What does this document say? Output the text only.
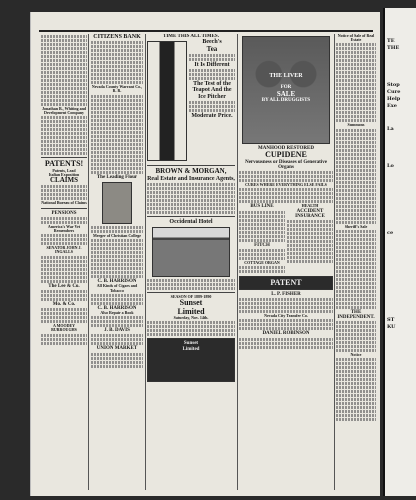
Jonathan B., Whiting and
Development Company
PATENTS!
Patents, Lead
Italian Exposition
CLAIMS
National Bureau of Claims
PENSIONS
America's War Vet Remembers
SENATOR JOHN J. INGALLS
The Lee & Co.
Mo. & Co.
A MOODEY BURROUGHS
CITIZENS BANK
Nevada County Warrant Co., R. R.
The Leading Flour
Merger of Christian College
C. B. HARRISON
All Kinds of Cigars and Tobacco
C. B. HARRISON
Also Repair a Book
J. B. DAVIS
UNION MARKET
TIME THIS ALL TIMES.
Beech's
Tea
It Is Different
The Test of the
Teapot And the
Ice Pitcher
Moderate Price.
BROWN & MORGAN,
Real Estate and Insurance Agents,
Occidental Hotel
SEASON OF 1889-1890
Sunset
Limited
Saturday, Nov. 14th.
Sunset
Limited
THE LIVER
FOR
SALE
BY ALL DRUGGISTS
MANHOOD RESTORED
CUPIDENE
Nervousness or Diseases of Generative Organs
CURES WHERE EVERYTHING ELSE FAILS
BUS LINE
FITCH
COTTAGE ORGAN
HEALTH
ACCIDENT INSURANCE
PATENT
L. P. FISHER
Nevada City Transfer Co.
DANIEL ROBINSON
Notice of Sale of Real Estate
Summons
Sheriff's Sale
THE INDEPENDENT.
Notice
TE
THE
Stop
Cure
Help
Exe
La
Lo
ce
ST
KU
